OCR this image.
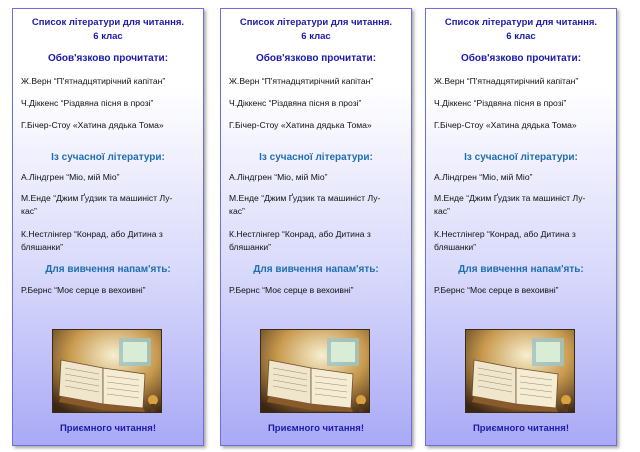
Список літератури для читання.
6 клас
Обов'язково прочитати:
Ж.Верн “П'ятнадцятирічний капітан”
Ч.Діккенс “Різдвяна пісня в прозі”
Г.Бічер-Стоу «Хатина дядька Тома»
Із сучасної літератури:
А.Ліндгрен “Міо, мій Міо”
М.Енде “Джим Ґудзик та машиніст Лу-
кас”
К.Нестлінгер “Конрад, або Дитина з
бляшанки”
Для вивчення напам'ять:
Р.Бернс “Моє серце в вехоивні”
Приємного читання!
Список літератури для читання.
6 клас
Обов'язково прочитати:
Ж.Верн “П'ятнадцятирічний капітан”
Ч.Діккенс “Різдвяна пісня в прозі”
Г.Бічер-Стоу «Хатина дядька Тома»
Із сучасної літератури:
А.Ліндгрен “Міо, мій Міо”
М.Енде “Джим Ґудзик та машиніст Лу-
кас”
К.Нестлінгер “Конрад, або Дитина з
бляшанки”
Для вивчення напам'ять:
Р.Бернс “Моє серце в вехоивні”
Приємного читання!
Список літератури для читання.
6 клас
Обов'язково прочитати:
Ж.Верн “П'ятнадцятирічний капітан”
Ч.Діккенс “Різдвяна пісня в прозі”
Г.Бічер-Стоу «Хатина дядька Тома»
Із сучасної літератури:
А.Ліндгрен “Міо, мій Міо”
М.Енде “Джим Ґудзик та машиніст Лу-
кас”
К.Нестлінгер “Конрад, або Дитина з
бляшанки”
Для вивчення напам'ять:
Р.Бернс “Моє серце в вехоивні”
Приємного читання!
